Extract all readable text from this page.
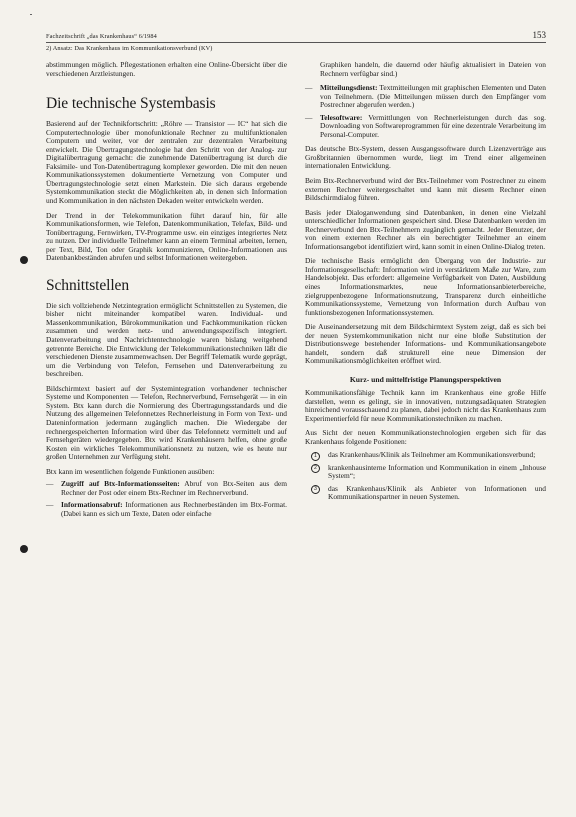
Fachzeitschrift „das Krankenhaus“ 6/1984
2) Ansatz: Das Krankenhaus im Kommunikationsverbund (KV)
153

abstimmungen möglich. Pflegestationen erhalten eine Online-Übersicht über die verschiedenen Arztleistungen.

Die technische Systembasis

Basierend auf der Technikfortschritt: „Röhre — Transistor — IC“ hat sich die Computertechnologie über monofunktionale Rechner zu multifunktionalen Computern und weiter, vor der zentralen zur dezentralen Verarbeitung entwickelt. Die Übertragungstechnologie hat den Schritt von der Analog- zur Digitalübertragung gemacht: die zunehmende Datenübertragung ist durch die Faksimile- und Ton-Datenübertragung komplexer geworden. Die mit den neuen Kommunikationssystemen dokumentierte Vernetzung von Computer und Übertragungstechnologie setzt einen Markstein. Die sich daraus ergebende Systemkommunikation steckt die Möglichkeiten ab, in denen sich Information und Kommunikation in den nächsten Dekaden weiter entwickeln werden.

Der Trend in der Telekommunikation führt darauf hin, für alle Kommunikationsformen, wie Telefon, Datenkommunikation, Telefax, Bild- und Tonübertragung, Fernwirken, TV-Programme usw. ein einziges integriertes Netz zu nutzen. Der individuelle Teilnehmer kann an einem Terminal arbeiten, lernen, per Text, Bild, Ton oder Graphik kommunizieren, Online-Informationen aus Datenbankbeständen abrufen und selbst Informationen weitergeben.

Schnittstellen

Die sich vollziehende Netzintegration ermöglicht Schnittstellen zu Systemen, die bisher nicht miteinander kompatibel waren. Individual- und Massenkommunikation, Bürokommunikation und Fachkommunikation rücken zusammen und werden netz- und anwendungsspezifisch integriert. Datenverarbeitung und Nachrichtentechnologie waren bislang weitgehend getrennte Bereiche. Die Entwicklung der Telekommunikationstechniken läßt die verschiedenen Dienste zusammenwachsen. Der Begriff Telematik wurde geprägt, um die Verbindung von Telefon, Fernsehen und Datenverarbeitung zu beschreiben.

Bildschirmtext basiert auf der Systemintegration vorhandener technischer Systeme und Komponenten — Telefon, Rechnerverbund, Fernsehgerät — in ein System. Btx kann durch die Normierung des Übertragungsstandards und die Nutzung des allgemeinen Telefonnetzes Rechnerleistung in Form von Text- und Dateninformation jedermann zugänglich machen. Die Wiedergabe der rechnergespeicherten Information wird über das Telefonnetz vermittelt und auf Fernsehgeräten wiedergegeben. Btx wird Krankenhäusern helfen, ohne große Kosten ein wirkliches Telekommunikationsnetz zu nutzen, wie es heute nur großen Unternehmen zur Verfügung steht.

Btx kann im wesentlichen folgende Funktionen ausüben:

— Zugriff auf Btx-Informationsseiten: Abruf von Btx-Seiten aus dem Rechner der Post oder einem Btx-Rechner im Rechnerverbund.
— Informationsabruf: Informationen aus Rechnerbeständen im Btx-Format. (Dabei kann es sich um Texte, Daten oder einfache

Graphiken handeln, die dauernd oder häufig aktualisiert in Dateien von Rechnern verfügbar sind.)

— Mitteilungsdienst: Textmitteilungen mit graphischen Elementen und Daten von Teilnehmern. (Die Mitteilungen müssen durch den Empfänger vom Postrechner abgerufen werden.)
— Telesoftware: Vermittlungen von Rechnerleistungen durch das sog. Downloading von Softwareprogrammen für eine dezentrale Verarbeitung im Personal-Computer.

Das deutsche Btx-System, dessen Ausgangssoftware durch Lizenzverträge aus Großbritannien übernommen wurde, liegt im Trend einer allgemeinen internationalen Entwicklung.

Beim Btx-Rechnerverbund wird der Btx-Teilnehmer vom Postrechner zu einem externen Rechner weitergeschaltet und kann mit diesem Rechner einen Bildschirmdialog führen.

Basis jeder Dialoganwendung sind Datenbanken, in denen eine Vielzahl unterschiedlicher Informationen gespeichert sind. Diese Datenbanken werden im Rechnerverbund den Btx-Teilnehmern zugänglich gemacht. Jeder Benutzer, der von einem externen Rechner als ein berechtigter Teilnehmer an einem Informationsangebot identifiziert wird, kann somit in einen Online-Dialog treten.

Die technische Basis ermöglicht den Übergang von der Industrie- zur Informationsgesellschaft: Information wird in verstärktem Maße zur Ware, zum Handelsobjekt. Das erfordert: allgemeine Verfügbarkeit von Daten, Ausbildung eines Informationsmarktes, neue Informationsanbieterbereiche, zielgruppenbezogene Informationsnutzung, Transparenz durch einheitliche Kommunikationssysteme, Vernetzung von Information durch Aufbau von funktionsbezogenen Informationssystemen.

Die Auseinandersetzung mit dem Bildschirmtext System zeigt, daß es sich bei der neuen Systemkommunikation nicht nur eine bloße Substitution der Distributionswege bestehender Informations- und Kommunikationsangebote handelt, sondern daß strukturell eine neue Dimension der Kommunikationsmöglichkeiten eröffnet wird.

Kurz- und mittelfristige Planungsperspektiven

Kommunikationsfähige Technik kann im Krankenhaus eine große Hilfe darstellen, wenn es gelingt, sie in innovativen, nutzungsadäquaten Strategien hinreichend vorausschauend zu planen, dabei jedoch nicht das Krankenhaus zum Experimentierfeld für neue Kommunikationstechniken zu machen.

Aus Sicht der neuen Kommunikationstechnologien ergeben sich für das Krankenhaus folgende Positionen:

1	das Krankenhaus/Klinik als Teilnehmer am Kommunikationsverbund;
2	krankenhausinterne Information und Kommunikation in einem „Inhouse System“;
3	das Krankenhaus/Klinik als Anbieter von Informationen und Kommunikationspartner in neuen Systemen.
